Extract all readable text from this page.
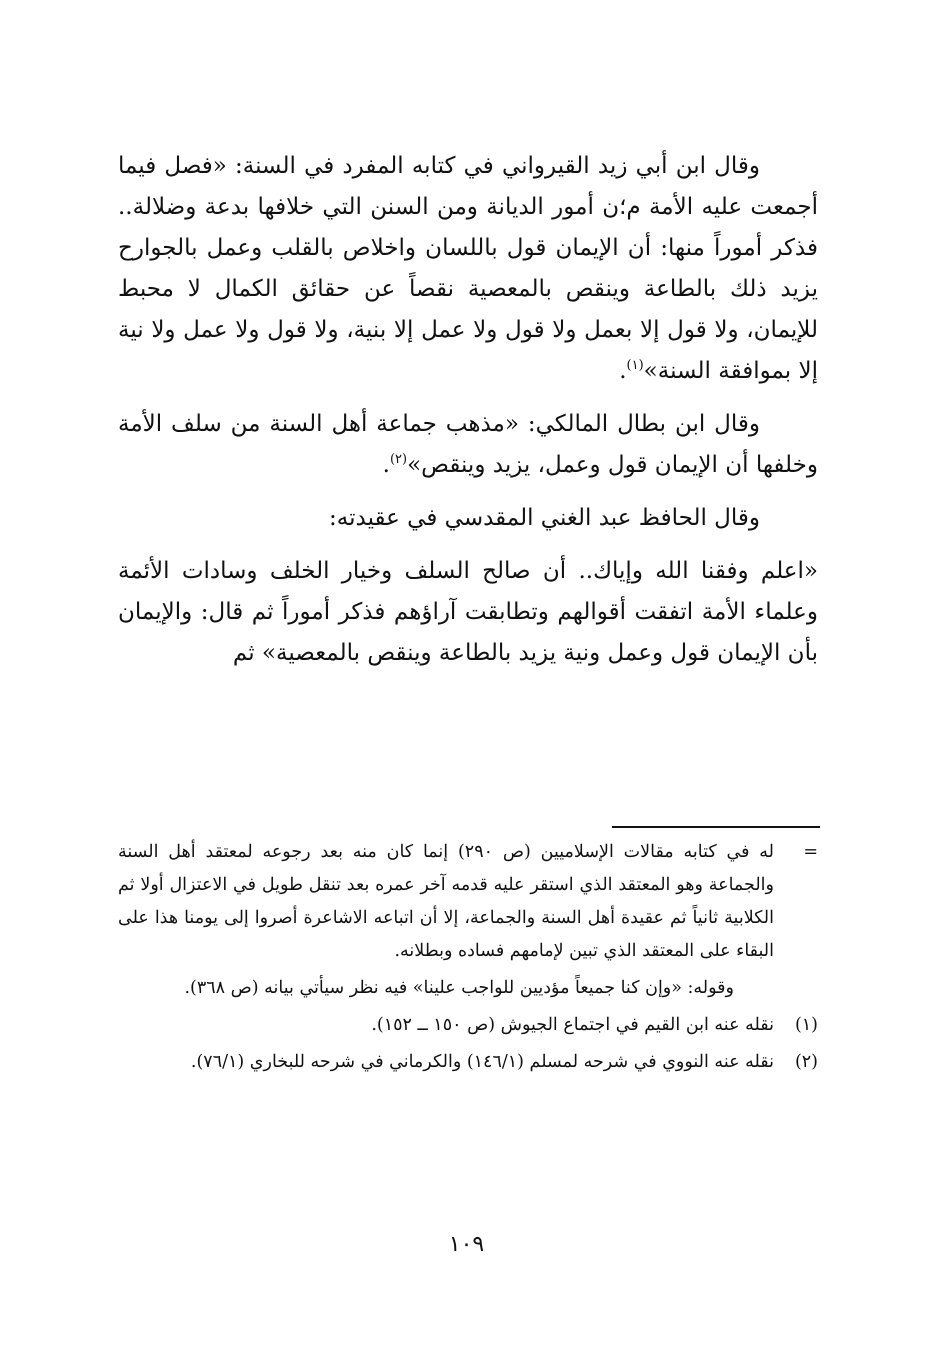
وقال ابن أبي زيد القيرواني في كتابه المفرد في السنة: «فصل فيما أجمعت عليه الأمة م؛ن أمور الديانة ومن السنن التي خلافها بدعة وضلالة.. فذكر أموراً منها: أن الإيمان قول باللسان واخلاص بالقلب وعمل بالجوارح يزيد ذلك بالطاعة وينقص بالمعصية نقصاً عن حقائق الكمال لا محبط للإيمان، ولا قول إلا بعمل ولا قول ولا عمل إلا بنية، ولا قول ولا عمل ولا نية إلا بموافقة السنة»$^{(١)}$.

وقال ابن بطال المالكي: «مذهب جماعة أهل السنة من سلف الأمة وخلفها أن الإيمان قول وعمل، يزيد وينقص»$^{(٢)}$.

وقال الحافظ عبد الغني المقدسي في عقيدته:

«اعلم وفقنا الله وإياك.. أن صالح السلف وخيار الخلف وسادات الأئمة وعلماء الأمة اتفقت أقوالهم وتطابقت آراؤهم فذكر أموراً ثم قال: والإيمان بأن الإيمان قول وعمل ونية يزيد بالطاعة وينقص بالمعصية» ثم

=
له في كتابه مقالات الإسلاميين (ص ٢٩٠) إنما كان منه بعد رجوعه لمعتقد أهل السنة والجماعة وهو المعتقد الذي استقر عليه قدمه آخر عمره بعد تنقل طويل في الاعتزال أولا ثم الكلابية ثانياً ثم عقيدة أهل السنة والجماعة، إلا أن اتباعه الاشاعرة أصروا إلى يومنا هذا على البقاء على المعتقد الذي تبين لإمامهم فساده وبطلانه.
وقوله: «وإن كنا جميعاً مؤديين للواجب علينا» فيه نظر سيأتي بيانه (ص ٣٦٨).
(١)
نقله عنه ابن القيم في اجتماع الجيوش (ص ١٥٠ ــ ١٥٢).
(٢)
نقله عنه النووي في شرحه لمسلم (١٤٦/١) والكرماني في شرحه للبخاري (٧٦/١).
١٠٩
